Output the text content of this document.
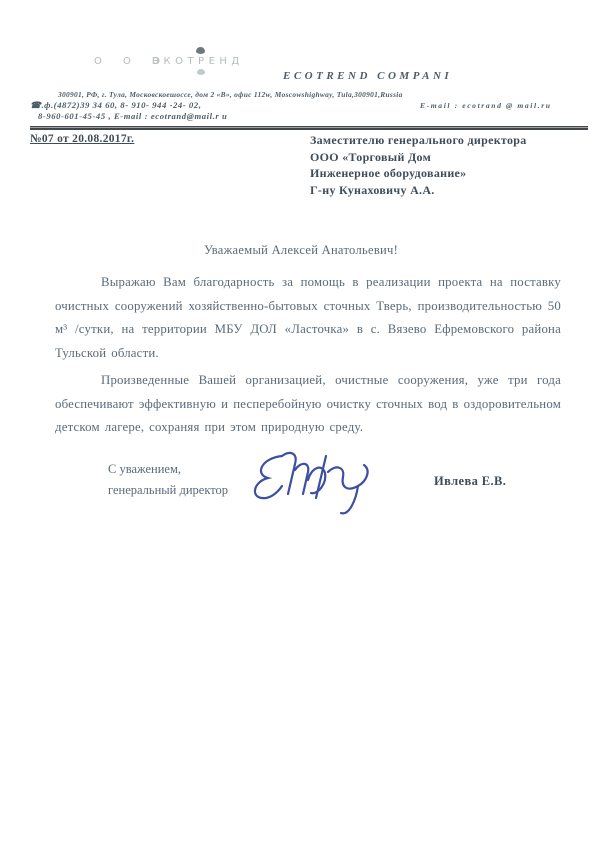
О О О
ЭКОТРЕНД
ECOTREND COMPANI
300901, РФ, г. Тула, Московскоешоссе, дом 2 «В», офис 112w, Moscowshighway, Tula,300901,Russia
☎.ф.(4872)39 34 60, 8- 910- 944 -24- 02,	E-mail : ecotrand @ mail.ru
8-960-601-45-45 , E-mail : ecotrand@mail.r u
№07 от 20.08.2017г.	Заместителю генерального директора
ООО «Торговый Дом
Инженерное оборудование»
Г-ну Кунаховичу А.А.
Уважаемый Алексей Анатольевич!

Выражаю Вам благодарность за помощь в реализации проекта на поставку очистных сооружений хозяйственно-бытовых сточных Тверь, производительностью 50 м³ /сутки, на территории МБУ ДОЛ «Ласточка» в с. Вязево Ефремовского района Тульской области.

Произведенные Вашей организацией, очистные сооружения, уже три года обеспечивают эффективную и песперебойную очистку сточных вод в оздоровительном детском лагере, сохраняя при этом природную среду.

С уважением,
генеральный директор
Ивлева Е.В.
